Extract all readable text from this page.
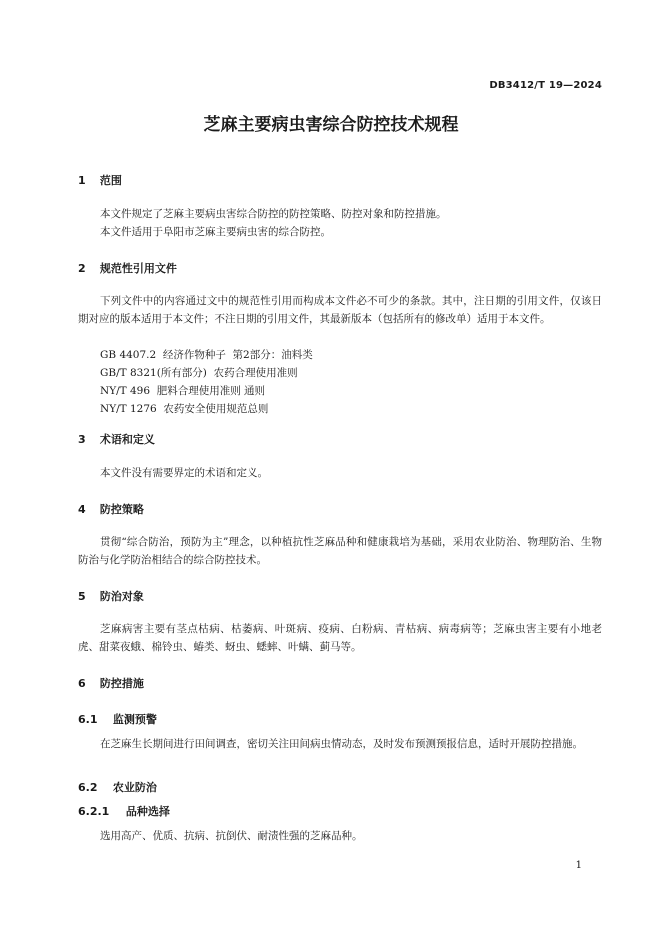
DB3412/T 19—2024
芝麻主要病虫害综合防控技术规程
1 范围
本文件规定了芝麻主要病虫害综合防控的防控策略、防控对象和防控措施。
本文件适用于阜阳市芝麻主要病虫害的综合防控。
2 规范性引用文件
下列文件中的内容通过文中的规范性引用而构成本文件必不可少的条款。其中，注日期的引用文件，仅该日期对应的版本适用于本文件；不注日期的引用文件，其最新版本（包括所有的修改单）适用于本文件。
GB 4407.2  经济作物种子  第2部分：油料类
GB/T 8321(所有部分)  农药合理使用准则
NY/T 496  肥料合理使用准则 通则
NY/T 1276  农药安全使用规范总则
3 术语和定义
本文件没有需要界定的术语和定义。
4 防控策略
贯彻“综合防治，预防为主”理念，以种植抗性芝麻品种和健康栽培为基础，采用农业防治、物理防治、生物防治与化学防治相结合的综合防控技术。
5 防治对象
芝麻病害主要有茎点枯病、枯萎病、叶斑病、疫病、白粉病、青枯病、病毒病等；芝麻虫害主要有小地老虎、甜菜夜蛾、棉铃虫、蝽类、蚜虫、蟋蟀、叶螨、蓟马等。
6 防控措施
6.1 监测预警
在芝麻生长期间进行田间调查，密切关注田间病虫情动态，及时发布预测预报信息，适时开展防控措施。
6.2 农业防治
6.2.1 品种选择
选用高产、优质、抗病、抗倒伏、耐渍性强的芝麻品种。
1
